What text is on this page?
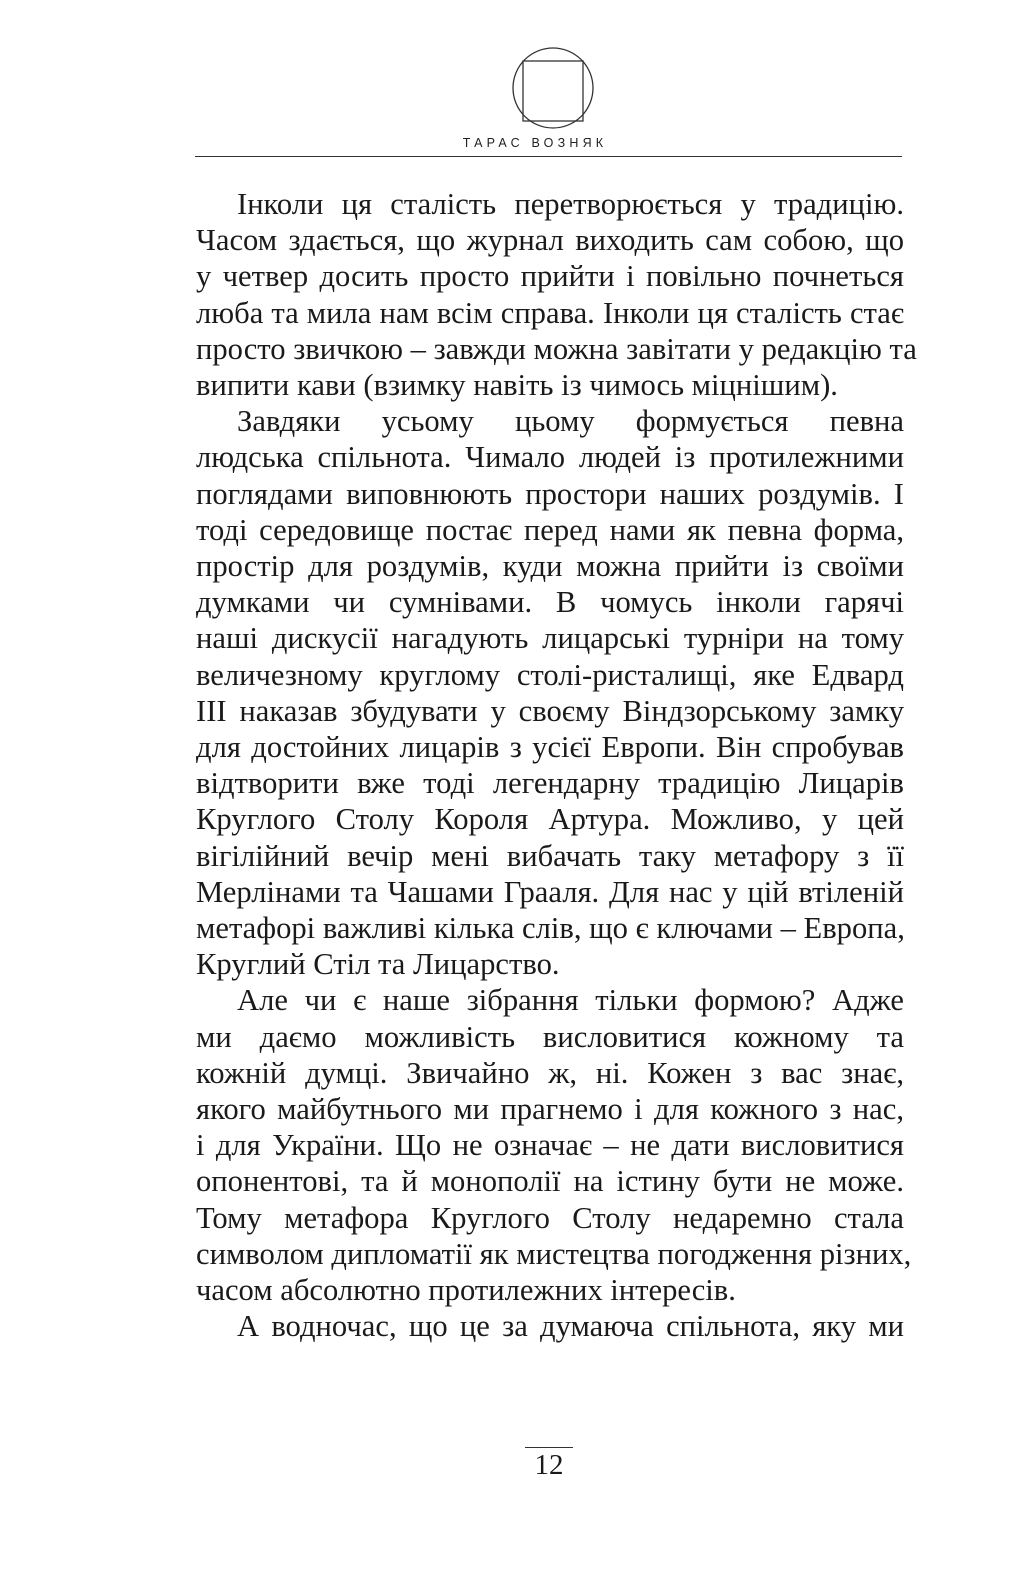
ТАРАС ВОЗНЯК

Інколи ця сталість перетворюється у традицію.
Часом здається, що журнал виходить сам собою, що
у четвер досить просто прийти і повільно почнеться
люба та мила нам всім справа. Інколи ця сталість стає
просто звичкою – завжди можна завітати у редакцію та
випити кави (взимку навіть із чимось міцнішим).

Завдяки усьому цьому формується певна
людська спільнота. Чимало людей із протилежними
поглядами виповнюють простори наших роздумів. І
тоді середовище постає перед нами як певна форма,
простір для роздумів, куди можна прийти із своїми
думками чи сумнівами. В чомусь інколи гарячі
наші дискусії нагадують лицарські турніри на тому
величезному круглому столі-ристалищі, яке Едвард
ІІІ наказав збудувати у своєму Віндзорському замку
для достойних лицарів з усієї Европи. Він спробував
відтворити вже тоді легендарну традицію Лицарів
Круглого Столу Короля Артура. Можливо, у цей
вігілійний вечір мені вибачать таку метафору з її
Мерлінами та Чашами Грааля. Для нас у цій втіленій
метафорі важливі кілька слів, що є ключами – Европа,
Круглий Стіл та Лицарство.

Але чи є наше зібрання тільки формою? Адже
ми даємо можливість висловитися кожному та
кожній думці. Звичайно ж, ні. Кожен з вас знає,
якого майбутнього ми прагнемо і для кожного з нас,
і для України. Що не означає – не дати висловитися
опонентові, та й монополії на істину бути не може.
Тому метафора Круглого Столу недаремно стала
символом дипломатії як мистецтва погодження різних,
часом абсолютно протилежних інтересів.

А водночас, що це за думаюча спільнота, яку ми

12
